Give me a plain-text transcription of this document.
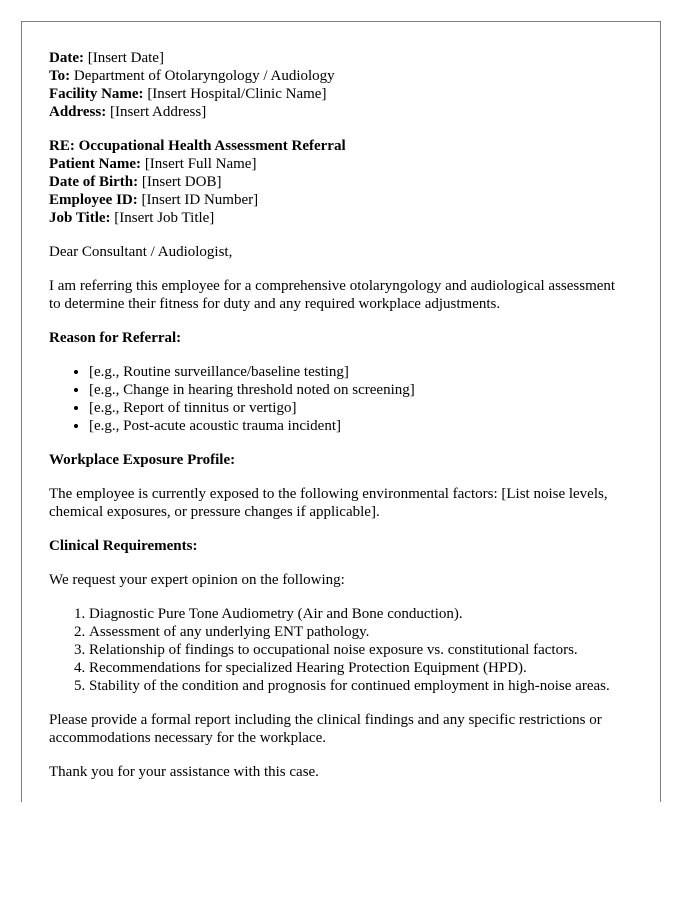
Date: [Insert Date]
To: Department of Otolaryngology / Audiology
Facility Name: [Insert Hospital/Clinic Name]
Address: [Insert Address]
RE: Occupational Health Assessment Referral
Patient Name: [Insert Full Name]
Date of Birth: [Insert DOB]
Employee ID: [Insert ID Number]
Job Title: [Insert Job Title]

Dear Consultant / Audiologist,

I am referring this employee for a comprehensive otolaryngology and audiological assessment to determine their fitness for duty and any required workplace adjustments.

Reason for Referral:

• [e.g., Routine surveillance/baseline testing]
• [e.g., Change in hearing threshold noted on screening]
• [e.g., Report of tinnitus or vertigo]
• [e.g., Post-acute acoustic trauma incident]

Workplace Exposure Profile:

The employee is currently exposed to the following environmental factors: [List noise levels, chemical exposures, or pressure changes if applicable].

Clinical Requirements:

We request your expert opinion on the following:

1. Diagnostic Pure Tone Audiometry (Air and Bone conduction).
2. Assessment of any underlying ENT pathology.
3. Relationship of findings to occupational noise exposure vs. constitutional factors.
4. Recommendations for specialized Hearing Protection Equipment (HPD).
5. Stability of the condition and prognosis for continued employment in high-noise areas.

Please provide a formal report including the clinical findings and any specific restrictions or accommodations necessary for the workplace.

Thank you for your assistance with this case.
